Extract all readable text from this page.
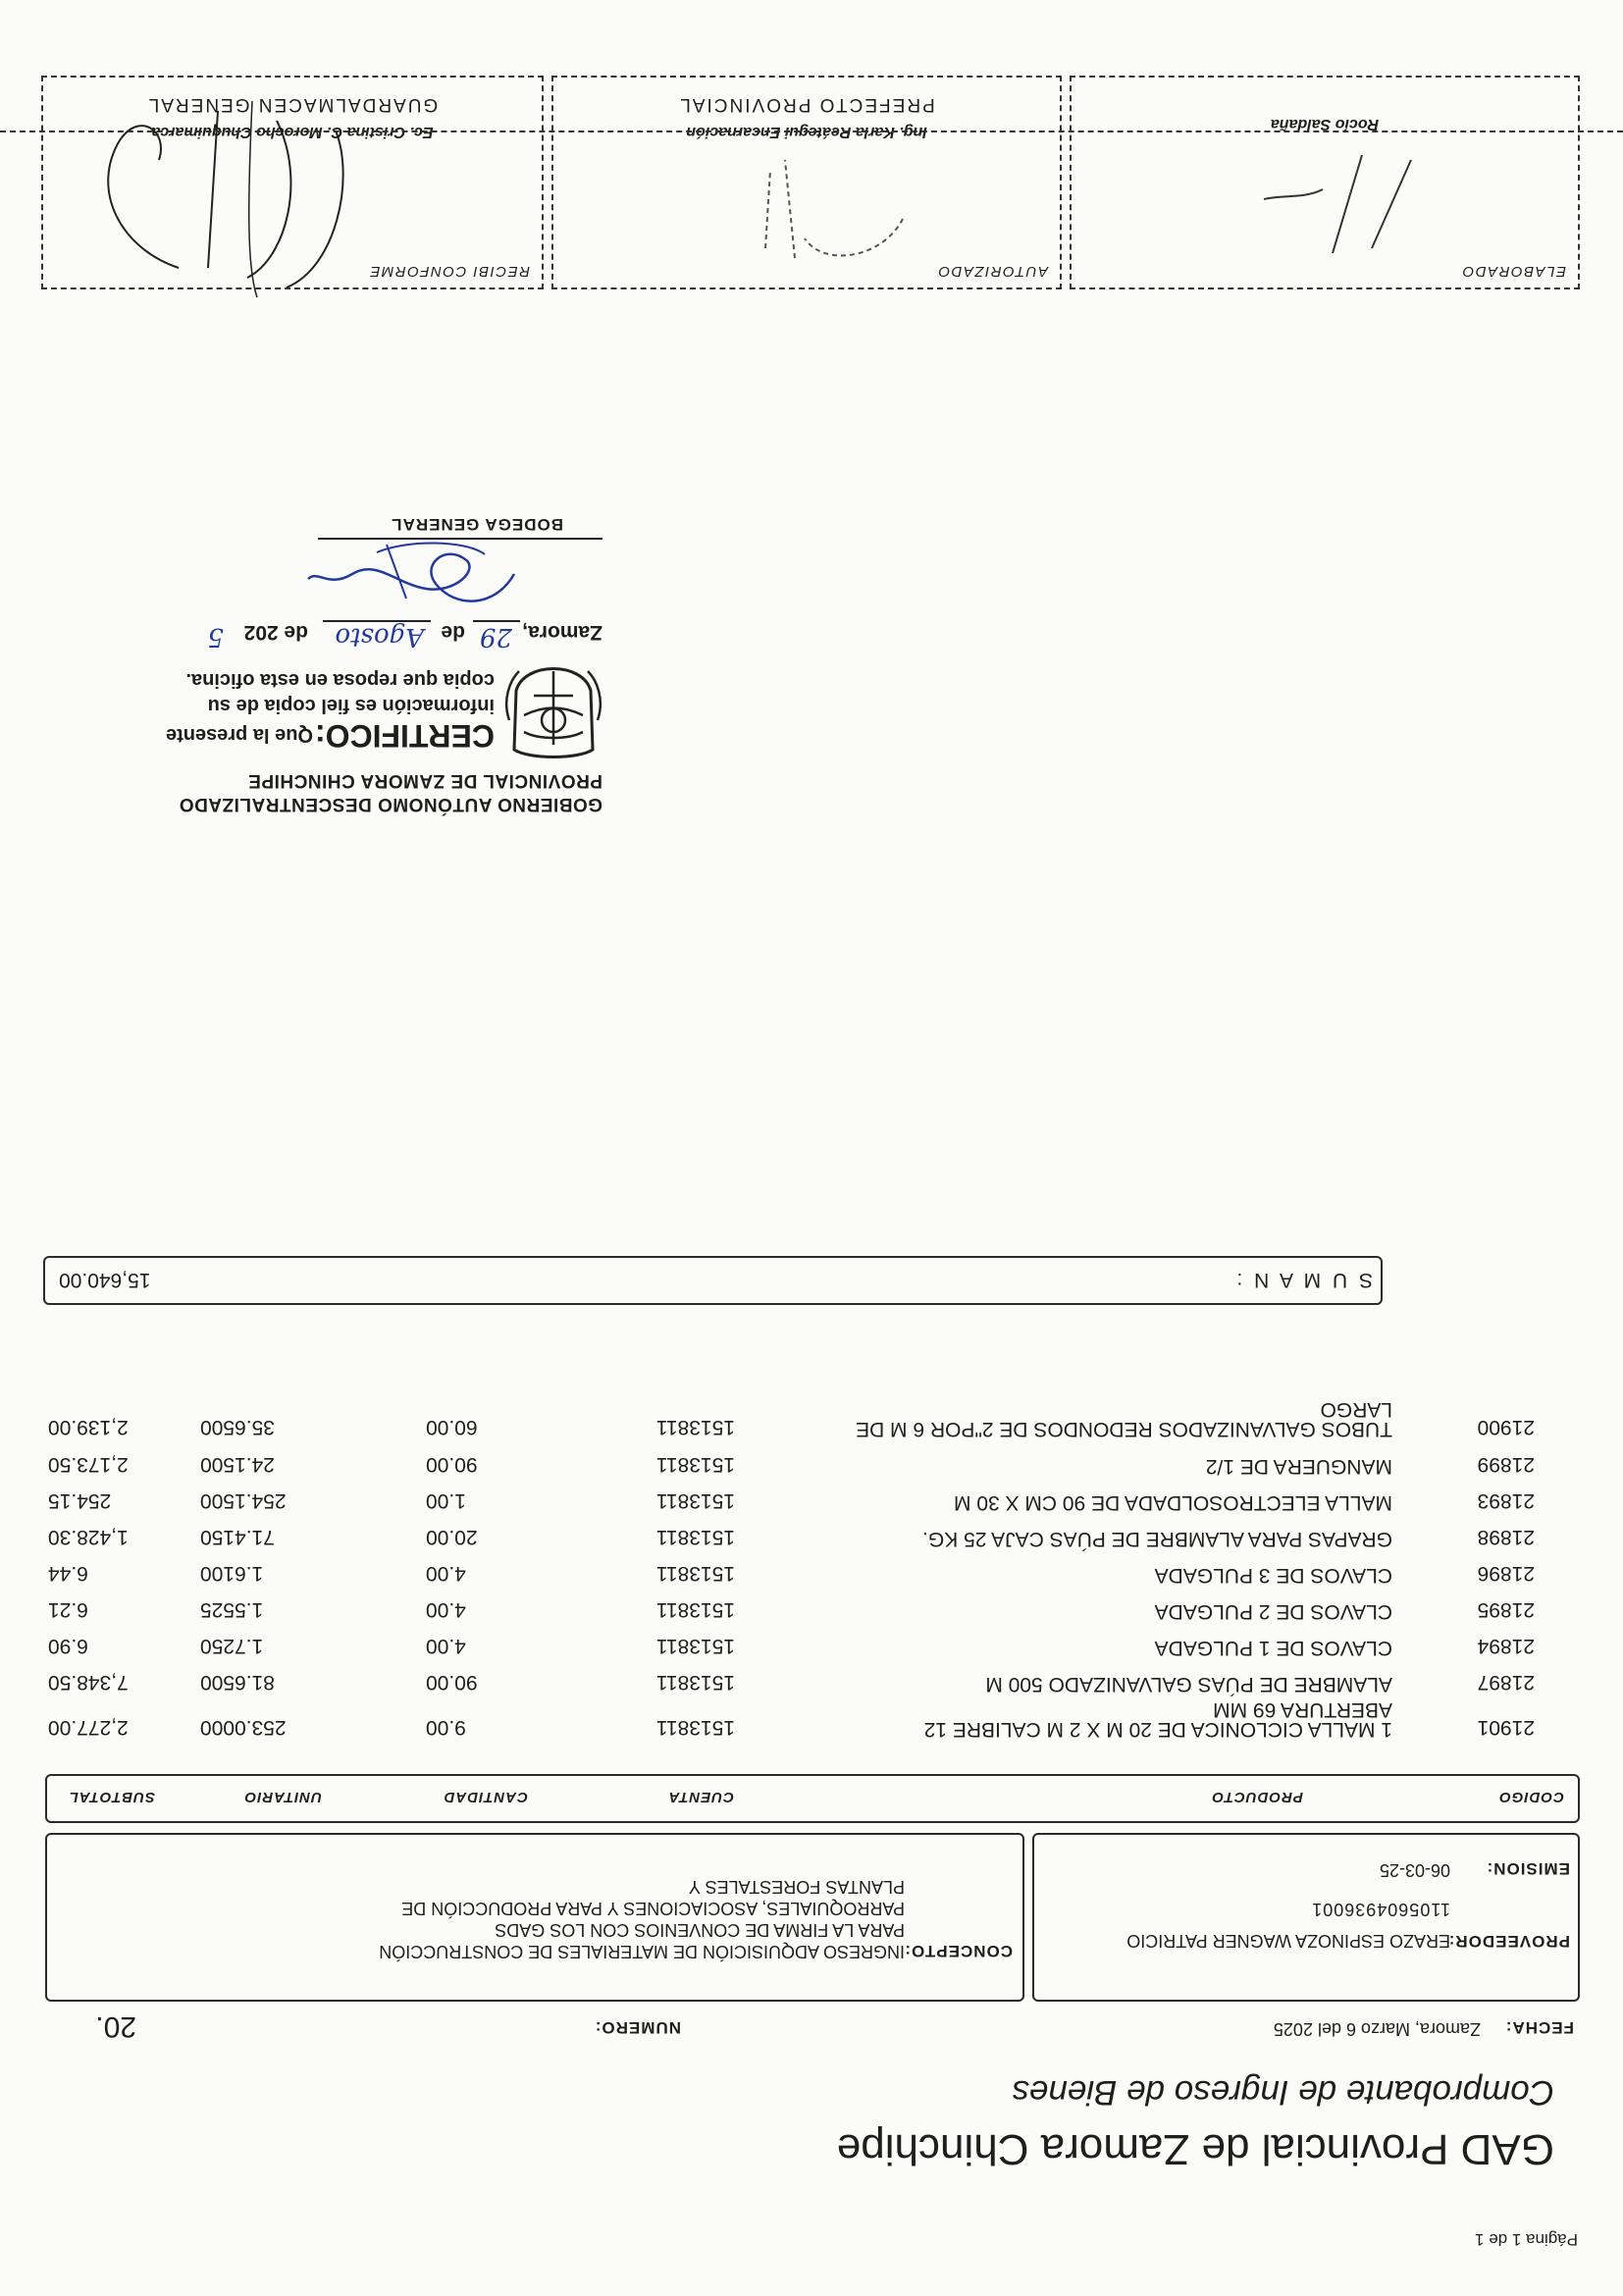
Página 1 de 1
GAD Provincial de Zamora Chinchipe
Comprobante de Ingreso de Bienes
FECHA:
Zamora, Marzo 6 del 2025
NUMERO:
20.
PROVEEDOR:
ERAZO ESPINOZA WAGNER PATRICIO
1105604936001
EMISION:
06-03-25
CONCEPTO:
INGRESO ADQUISICIÓN DE MATERIALES DE CONSTRUCCIÓN PARA LA FIRMA DE CONVENIOS CON LOS GADS PARROQUIALES, ASOCIACIONES Y PARA PRODUCCIÓN DE PLANTAS FORESTALES Y
CODIGO
PRODUCTO
CUENTA
CANTIDAD
UNITARIO
SUBTOTAL
21901
1 MALLA CICLONICA DE 20 M X 2 M CALIBRE 12 ABERTURA 69 MM
1513811
9.00
253.0000
2,277.00
21897
ALAMBRE DE PÚAS GALVANIZADO 500 M
1513811
90.00
81.6500
7,348.50
21894
CLAVOS DE 1 PULGADA
1513811
4.00
1.7250
6.90
21895
CLAVOS DE 2 PULGADA
1513811
4.00
1.5525
6.21
21896
CLAVOS DE 3 PULGADA
1513811
4.00
1.6100
6.44
21898
GRAPAS PARA ALAMBRE DE PÚAS CAJA 25 KG.
1513811
20.00
71.4150
1,428.30
21893
MALLA ELECTROSOLDADA DE 90 CM X 30 M
1513811
1.00
254.1500
254.15
21899
MANGUERA DE 1/2
1513811
90.00
24.1500
2,173.50
21900
TUBOS GALVANIZADOS REDONDOS DE 2"POR 6 M DE LARGO
1513811
60.00
35.6500
2,139.00
S U M A N :
15,640.00
GOBIERNO AUTÓNOMO DESCENTRALIZADO
PROVINCIAL DE ZAMORA CHINCHIPE
CERTIFICO:
Que la presente
información es fiel copia de su
copia que reposa en esta oficina.
Zamora,
29
de
Agosto
de 202
5
BODEGA GENERAL
Rocío Saldaña
ELABORADO
AUTORIZADO
Ing. Karla Reátegui Encarnación
PREFECTO PROVINCIAL
RECIBI CONFORME
Ec. Cristina C. Morocho Chuquimarca
GUARDALMACEN GENERAL
